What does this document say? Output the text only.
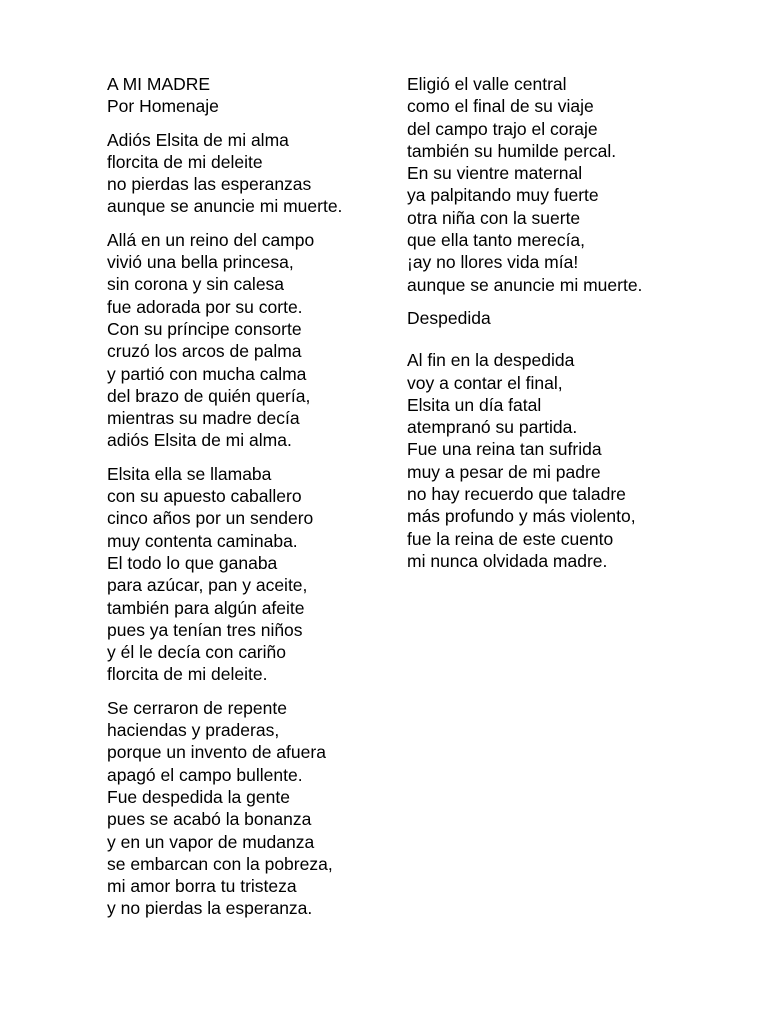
A MI MADRE
Por Homenaje
Adiós Elsita de mi alma
florcita de mi deleite
no pierdas las esperanzas
aunque se anuncie mi muerte.
Allá en un reino del campo
vivió una bella princesa,
sin corona y sin calesa
fue adorada por su corte.
Con su príncipe consorte
cruzó los arcos de palma
y partió con mucha calma
del brazo de quién quería,
mientras su madre decía
adiós Elsita de mi alma.
Elsita ella se llamaba
con su apuesto caballero
cinco años por un sendero
muy contenta caminaba.
El todo lo que ganaba
para azúcar, pan y aceite,
también para algún afeite
pues ya tenían tres niños
y él le decía con cariño
florcita de mi deleite.
Se cerraron de repente
haciendas y praderas,
porque un invento de afuera
apagó el campo bullente.
Fue despedida la gente
pues se acabó la bonanza
y en un vapor de mudanza
se embarcan con la pobreza,
mi amor borra tu tristeza
y no pierdas la esperanza.
Eligió el valle central
como el final de su viaje
del campo trajo el coraje
también su humilde percal.
En su vientre maternal
ya palpitando muy fuerte
otra niña con la suerte
que ella tanto merecía,
¡ay no llores vida mía!
aunque se anuncie mi muerte.
Despedida
Al fin en la despedida
voy a contar el final,
Elsita un día fatal
atempranó su partida.
Fue una reina tan sufrida
muy a pesar de mi padre
no hay recuerdo que taladre
más profundo y más violento,
fue la reina de este cuento
mi nunca olvidada madre.
